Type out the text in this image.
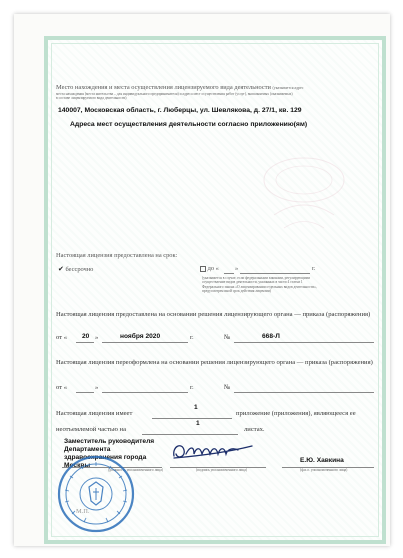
Место нахождения и места осуществления лицензируемого вида деятельности (указывается адрес
места нахождения (места жительства – для индивидуального предпринимателя) и адреса мест осуществления работ (услуг), выполняемых (оказываемых)
в составе лицензируемого вида деятельности)
140007, Московская область, г. Люберцы, ул. Шевлякова, д. 27/1, кв. 129
Адреса мест осуществления деятельности согласно приложению(ям)
Настоящая лицензия предоставлена на срок:
✔ бессрочно	до «	»	г.
(указывается в случае, если федеральными законами, регулирующими осуществление видов деятельности, указанных в части 4 статьи 1 Федерального закона «О лицензировании отдельных видов деятельности», предусмотрен иной срок действия лицензии)
Настоящая лицензия предоставлена на основании решения лицензирующего органа — приказа (распоряжения)
от « 20 »	ноября 2020	г.	№	668-Л
Настоящая лицензия переоформлена на основании решения лицензирующего органа — приказа (распоряжения)
от «	»	г.	№
Настоящая лицензия имеет
1
приложение (приложения), являющееся ее
неотъемлемой частью на
1
листах.
Заместитель руководителя
Департамента
здравоохранения города
Москвы
(должность уполномоченного лица)	(подпись уполномоченного лица)
Е.Ю. Хавкина
(ф.и.о. уполномоченного лица)
М.П.
